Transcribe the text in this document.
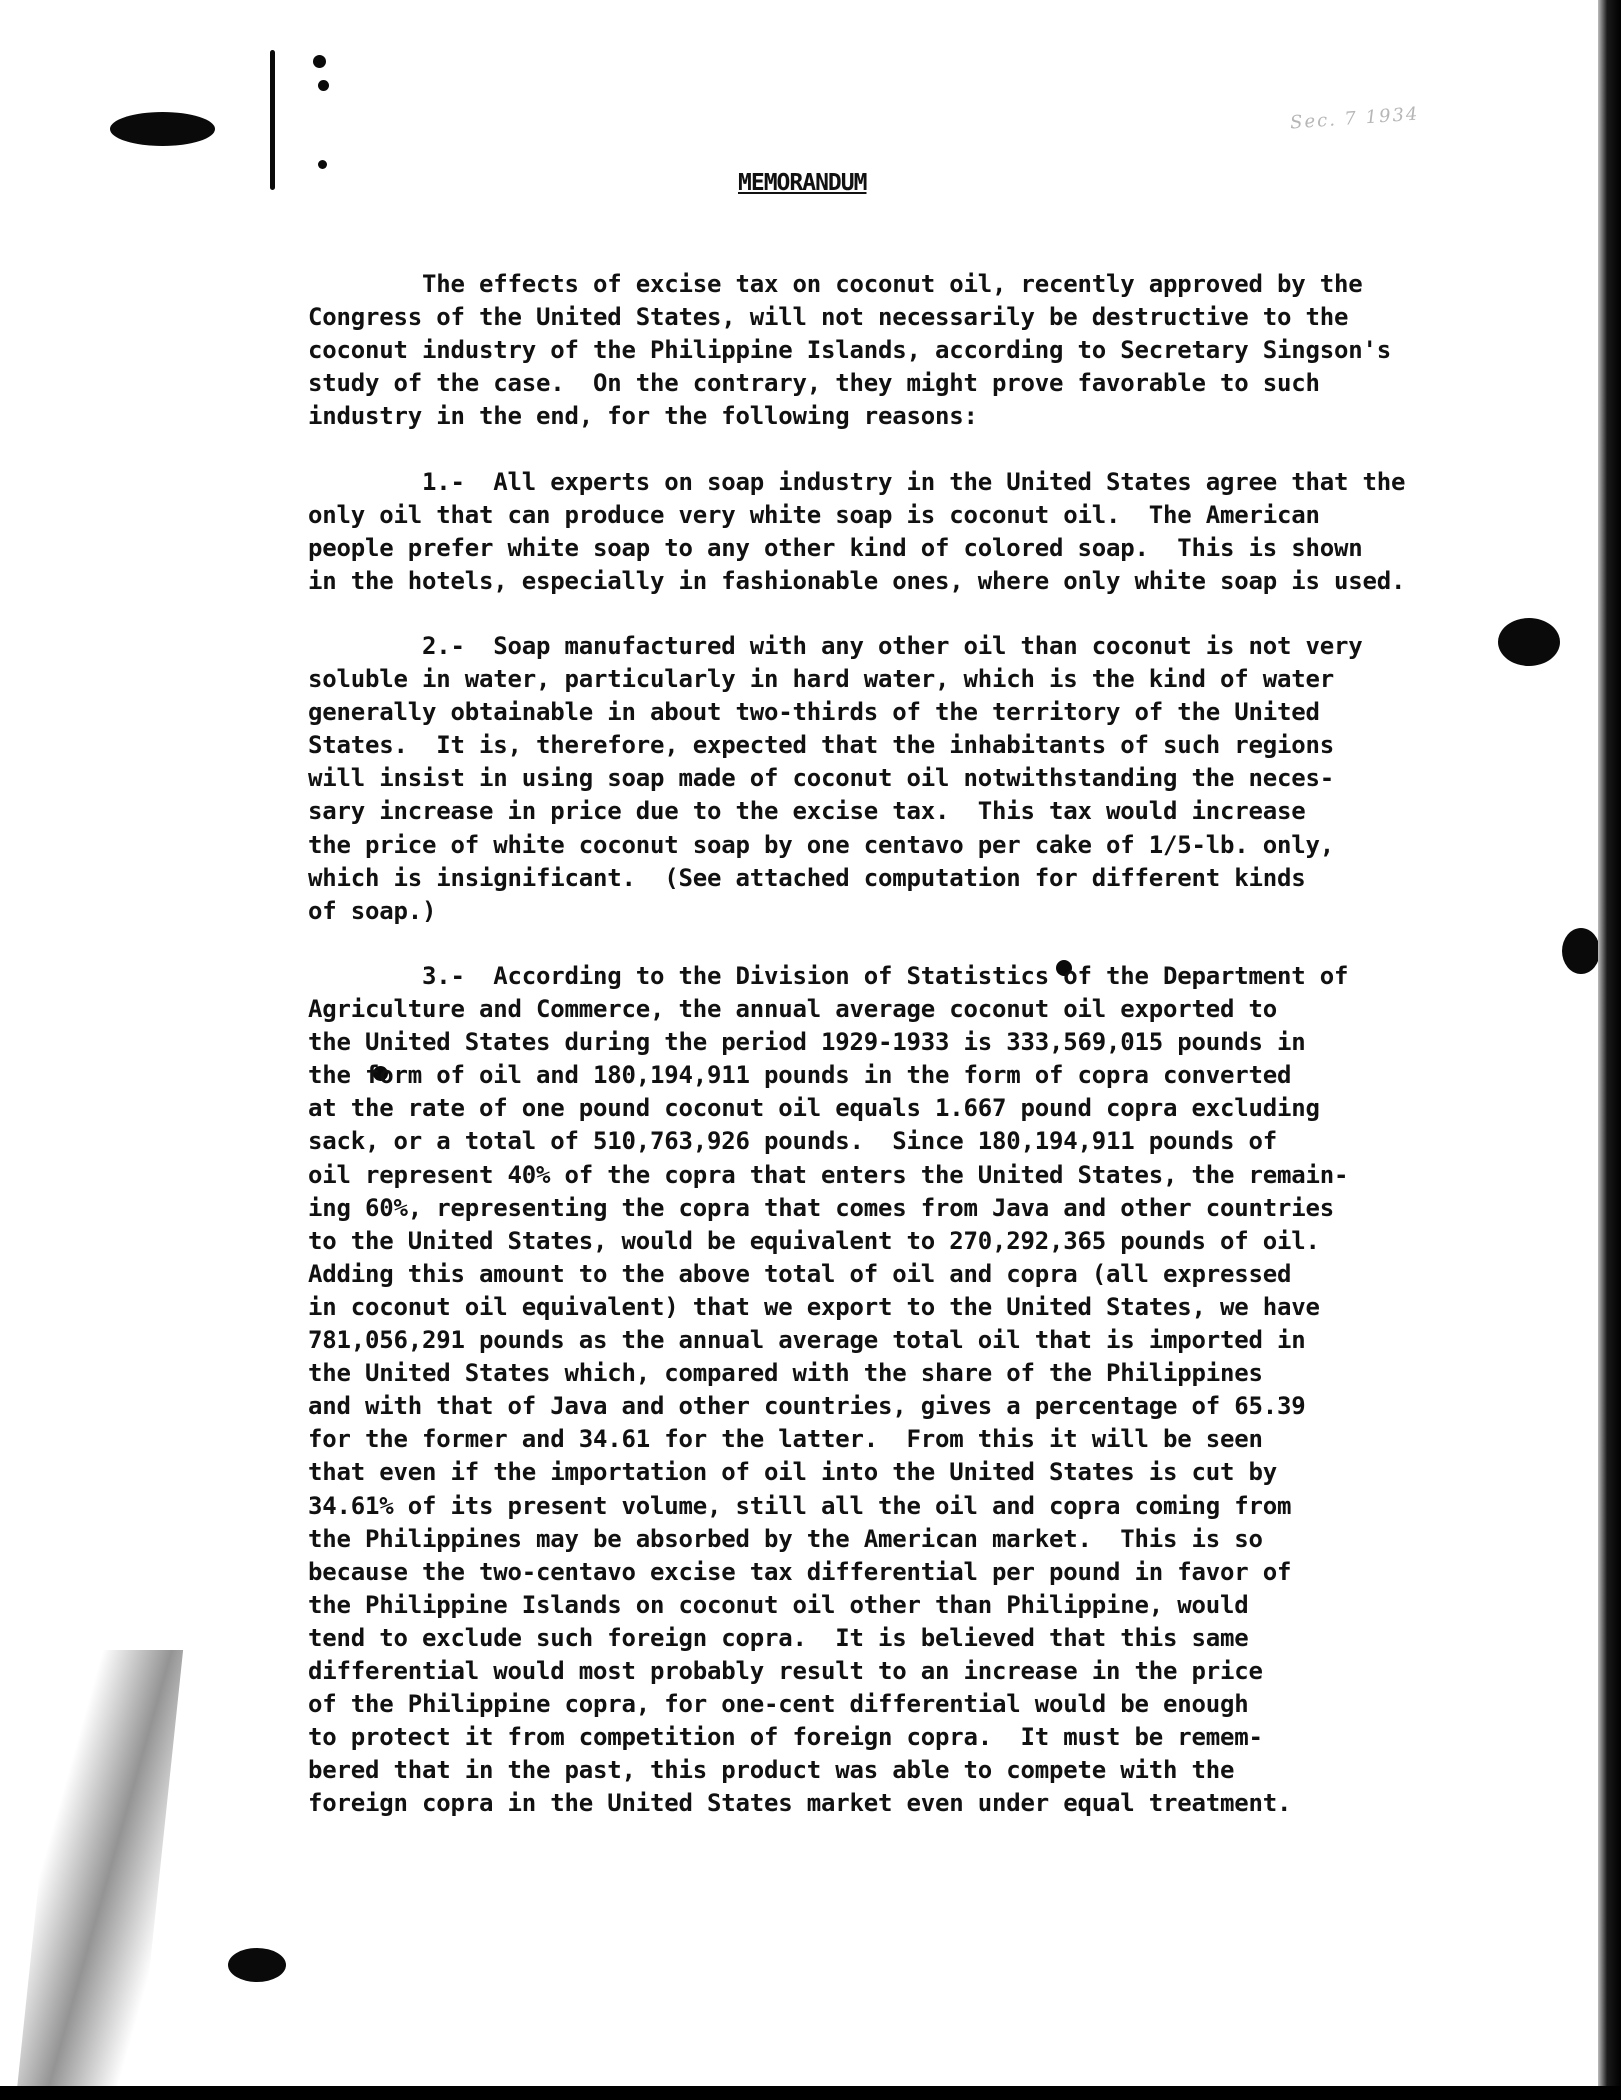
Sec. 7 1934
MEMORANDUM
The effects of excise tax on coconut oil, recently approved by the
Congress of the United States, will not necessarily be destructive to the
coconut industry of the Philippine Islands, according to Secretary Singson's
study of the case.  On the contrary, they might prove favorable to such
industry in the end, for the following reasons:
1.-  All experts on soap industry in the United States agree that the
only oil that can produce very white soap is coconut oil.  The American
people prefer white soap to any other kind of colored soap.  This is shown
in the hotels, especially in fashionable ones, where only white soap is used.
2.-  Soap manufactured with any other oil than coconut is not very
soluble in water, particularly in hard water, which is the kind of water
generally obtainable in about two-thirds of the territory of the United
States.  It is, therefore, expected that the inhabitants of such regions
will insist in using soap made of coconut oil notwithstanding the neces-
sary increase in price due to the excise tax.  This tax would increase
the price of white coconut soap by one centavo per cake of 1/5-lb. only,
which is insignificant.  (See attached computation for different kinds
of soap.)
3.-  According to the Division of Statistics of the Department of
Agriculture and Commerce, the annual average coconut oil exported to
the United States during the period 1929-1933 is 333,569,015 pounds in
the form of oil and 180,194,911 pounds in the form of copra converted
at the rate of one pound coconut oil equals 1.667 pound copra excluding
sack, or a total of 510,763,926 pounds.  Since 180,194,911 pounds of
oil represent 40% of the copra that enters the United States, the remain-
ing 60%, representing the copra that comes from Java and other countries
to the United States, would be equivalent to 270,292,365 pounds of oil.
Adding this amount to the above total of oil and copra (all expressed
in coconut oil equivalent) that we export to the United States, we have
781,056,291 pounds as the annual average total oil that is imported in
the United States which, compared with the share of the Philippines
and with that of Java and other countries, gives a percentage of 65.39
for the former and 34.61 for the latter.  From this it will be seen
that even if the importation of oil into the United States is cut by
34.61% of its present volume, still all the oil and copra coming from
the Philippines may be absorbed by the American market.  This is so
because the two-centavo excise tax differential per pound in favor of
the Philippine Islands on coconut oil other than Philippine, would
tend to exclude such foreign copra.  It is believed that this same
differential would most probably result to an increase in the price
of the Philippine copra, for one-cent differential would be enough
to protect it from competition of foreign copra.  It must be remem-
bered that in the past, this product was able to compete with the
foreign copra in the United States market even under equal treatment.
